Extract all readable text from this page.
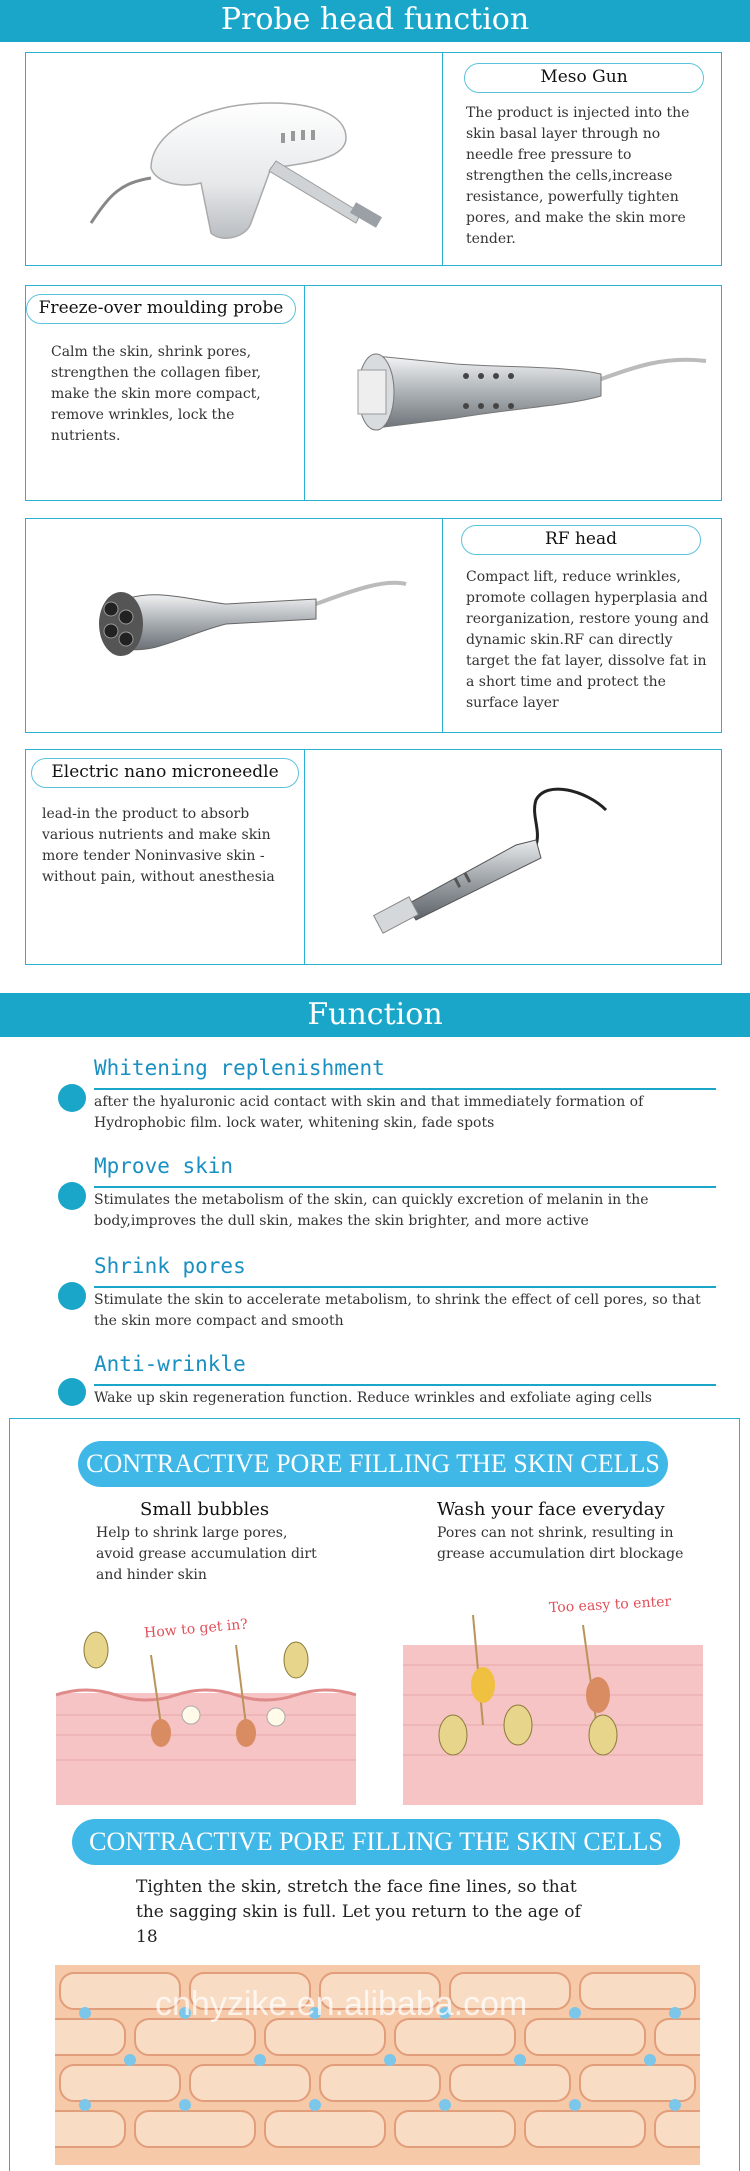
Probe head function
Meso Gun
The product is injected into the skin basal layer through no needle free pressure to strengthen the cells,increase resistance, powerfully tighten pores, and make the skin more tender.
Freeze-over moulding probe
Calm the skin, shrink pores, strengthen the collagen fiber, make the skin more compact, remove wrinkles, lock the nutrients.
RF head
Compact lift, reduce wrinkles, promote collagen hyperplasia and reorganization, restore young and dynamic skin.RF can directly target the fat layer, dissolve fat in a short time and protect the surface layer
Electric nano microneedle
lead-in the product to absorb various nutrients and make skin more tender Noninvasive skin - without pain, without anesthesia
Function
Whitening replenishment
after the hyaluronic acid contact with skin and that immediately formation of Hydrophobic film. lock water, whitening skin, fade spots
Mprove skin
Stimulates the metabolism of the skin, can quickly excretion of melanin in the body,improves the dull skin, makes the skin brighter, and more active
Shrink pores
Stimulate the skin to accelerate metabolism, to shrink the effect of cell pores, so that the skin more compact and smooth
Anti-wrinkle
Wake up skin regeneration function. Reduce wrinkles and exfoliate aging cells
CONTRACTIVE PORE FILLING THE SKIN CELLS
Small bubbles
Help to shrink large pores, avoid grease accumulation dirt and hinder skin
Wash your face everyday
Pores can not shrink, resulting in grease accumulation dirt blockage
How to get in?
Too easy to enter
CONTRACTIVE PORE FILLING THE SKIN CELLS
Tighten the skin, stretch the face fine lines, so that the sagging skin is full. Let you return to the age of 18
cnhyzike.en.alibaba.com
